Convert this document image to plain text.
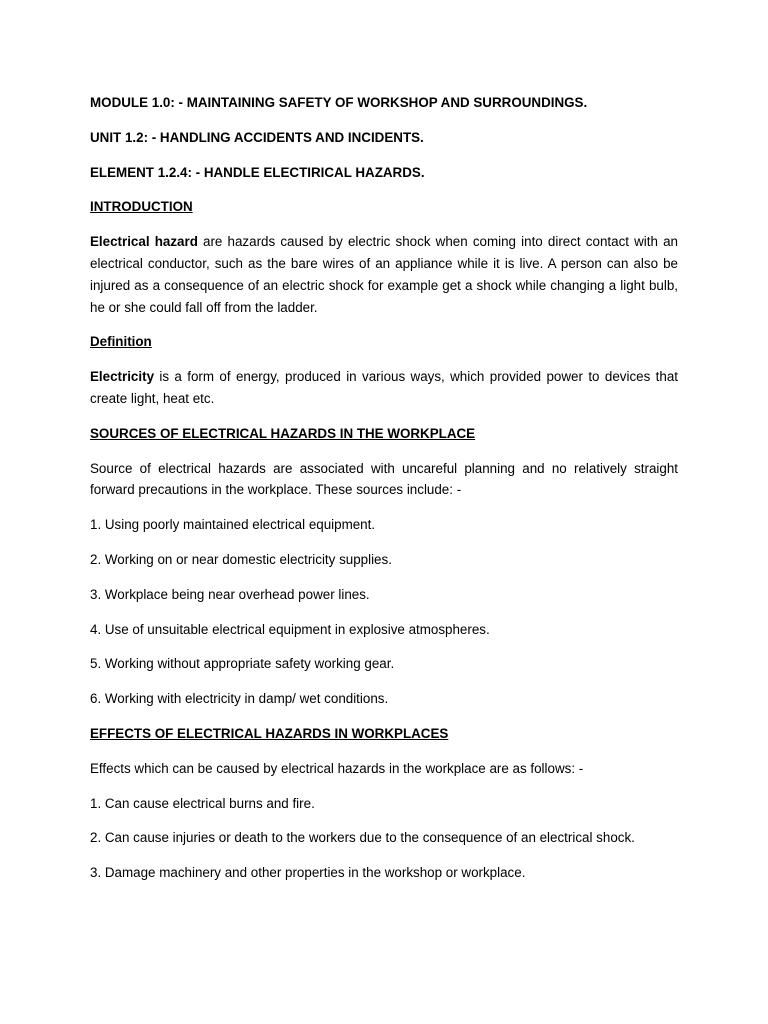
MODULE 1.0: - MAINTAINING SAFETY OF WORKSHOP AND SURROUNDINGS.

UNIT 1.2: - HANDLING ACCIDENTS AND INCIDENTS.

ELEMENT 1.2.4: - HANDLE ELECTIRICAL HAZARDS.

INTRODUCTION

Electrical hazard are hazards caused by electric shock when coming into direct contact with an electrical conductor, such as the bare wires of an appliance while it is live. A person can also be injured as a consequence of an electric shock for example get a shock while changing a light bulb, he or she could fall off from the ladder.

Definition

Electricity is a form of energy, produced in various ways, which provided power to devices that create light, heat etc.

SOURCES OF ELECTRICAL HAZARDS IN THE WORKPLACE

Source of electrical hazards are associated with uncareful planning and no relatively straight forward precautions in the workplace. These sources include: -

1. Using poorly maintained electrical equipment.

2. Working on or near domestic electricity supplies.

3. Workplace being near overhead power lines.

4. Use of unsuitable electrical equipment in explosive atmospheres.

5. Working without appropriate safety working gear.

6. Working with electricity in damp/ wet conditions.

EFFECTS OF ELECTRICAL HAZARDS IN WORKPLACES

Effects which can be caused by electrical hazards in the workplace are as follows: -

1. Can cause electrical burns and fire.

2. Can cause injuries or death to the workers due to the consequence of an electrical shock.

3. Damage machinery and other properties in the workshop or workplace.
